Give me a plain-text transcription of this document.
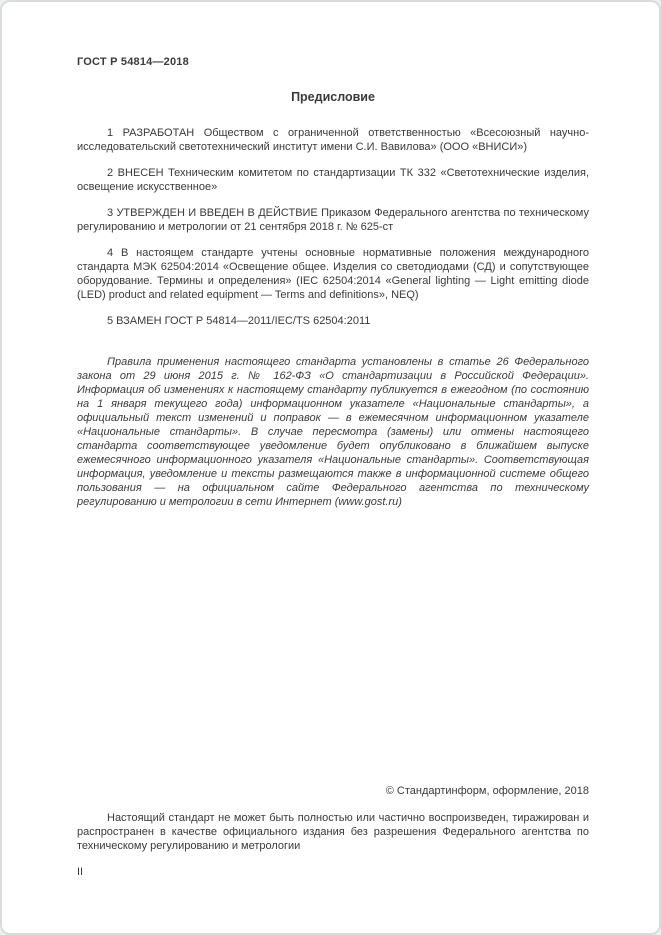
ГОСТ Р 54814—2018
Предисловие

1 РАЗРАБОТАН Обществом с ограниченной ответственностью «Всесоюзный научно-исследовательский светотехнический институт имени С.И. Вавилова» (ООО «ВНИСИ»)

2 ВНЕСЕН Техническим комитетом по стандартизации ТК 332 «Светотехнические изделия, освещение искусственное»

3 УТВЕРЖДЕН И ВВЕДЕН В ДЕЙСТВИЕ Приказом Федерального агентства по техническому регулированию и метрологии от 21 сентября 2018 г. № 625-ст

4 В настоящем стандарте учтены основные нормативные положения международного стандарта МЭК 62504:2014 «Освещение общее. Изделия со светодиодами (СД) и сопутствующее оборудование. Термины и определения» (IEC 62504:2014 «General lighting — Light emitting diode (LED) product and related equipment — Terms and definitions», NEQ)

5 ВЗАМЕН ГОСТ Р 54814—2011/IEC/TS 62504:2011

Правила применения настоящего стандарта установлены в статье 26 Федерального закона от 29 июня 2015 г. № 162-ФЗ «О стандартизации в Российской Федерации». Информация об изменениях к настоящему стандарту публикуется в ежегодном (по состоянию на 1 января текущего года) информационном указателе «Национальные стандарты», а официальный текст изменений и поправок — в ежемесячном информационном указателе «Национальные стандарты». В случае пересмотра (замены) или отмены настоящего стандарта соответствующее уведомление будет опубликовано в ближайшем выпуске ежемесячного информационного указателя «Национальные стандарты». Соответствующая информация, уведомление и тексты размещаются также в информационной системе общего пользования — на официальном сайте Федерального агентства по техническому регулированию и метрологии в сети Интернет (www.gost.ru)

© Стандартинформ, оформление, 2018

Настоящий стандарт не может быть полностью или частично воспроизведен, тиражирован и распространен в качестве официального издания без разрешения Федерального агентства по техническому регулированию и метрологии

II
